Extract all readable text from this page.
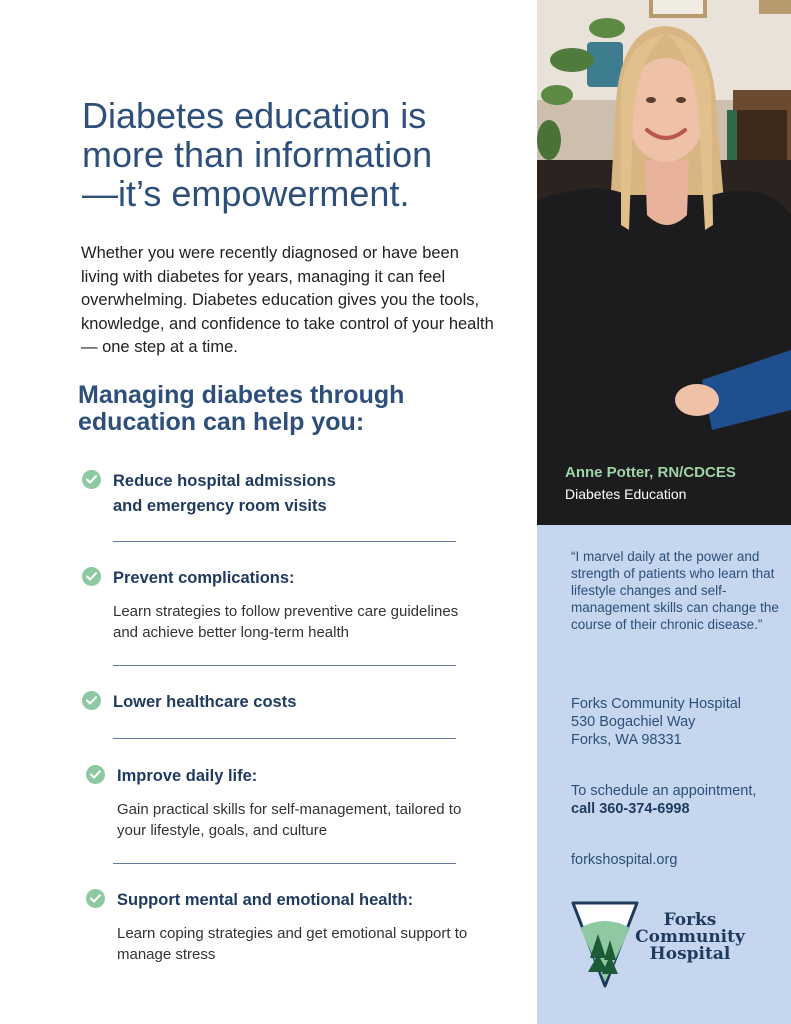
Diabetes education is
more than information
—it’s empowerment.

Whether you were recently diagnosed or have been living with diabetes for years, managing it can feel overwhelming. Diabetes education gives you the tools, knowledge, and confidence to take control of your health — one step at a time.

Managing diabetes through
education can help you:
Reduce hospital admissions
and emergency room visits
Prevent complications:

Learn strategies to follow preventive care guidelines and achieve better long-term health

Lower healthcare costs
Improve daily life:

Gain practical skills for self-management, tailored to your lifestyle, goals, and culture

Support mental and emotional health:

Learn coping strategies and get emotional support to manage stress

Anne Potter, RN/CDCES
Diabetes Education

“I marvel daily at the power and strength of patients who learn that lifestyle changes and self-management skills can change the course of their chronic disease.”

Forks Community Hospital
530 Bogachiel Way
Forks, WA 98331
To schedule an appointment,
call 360-374-6998
forkshospital.org
Forks
Community
Hospital
